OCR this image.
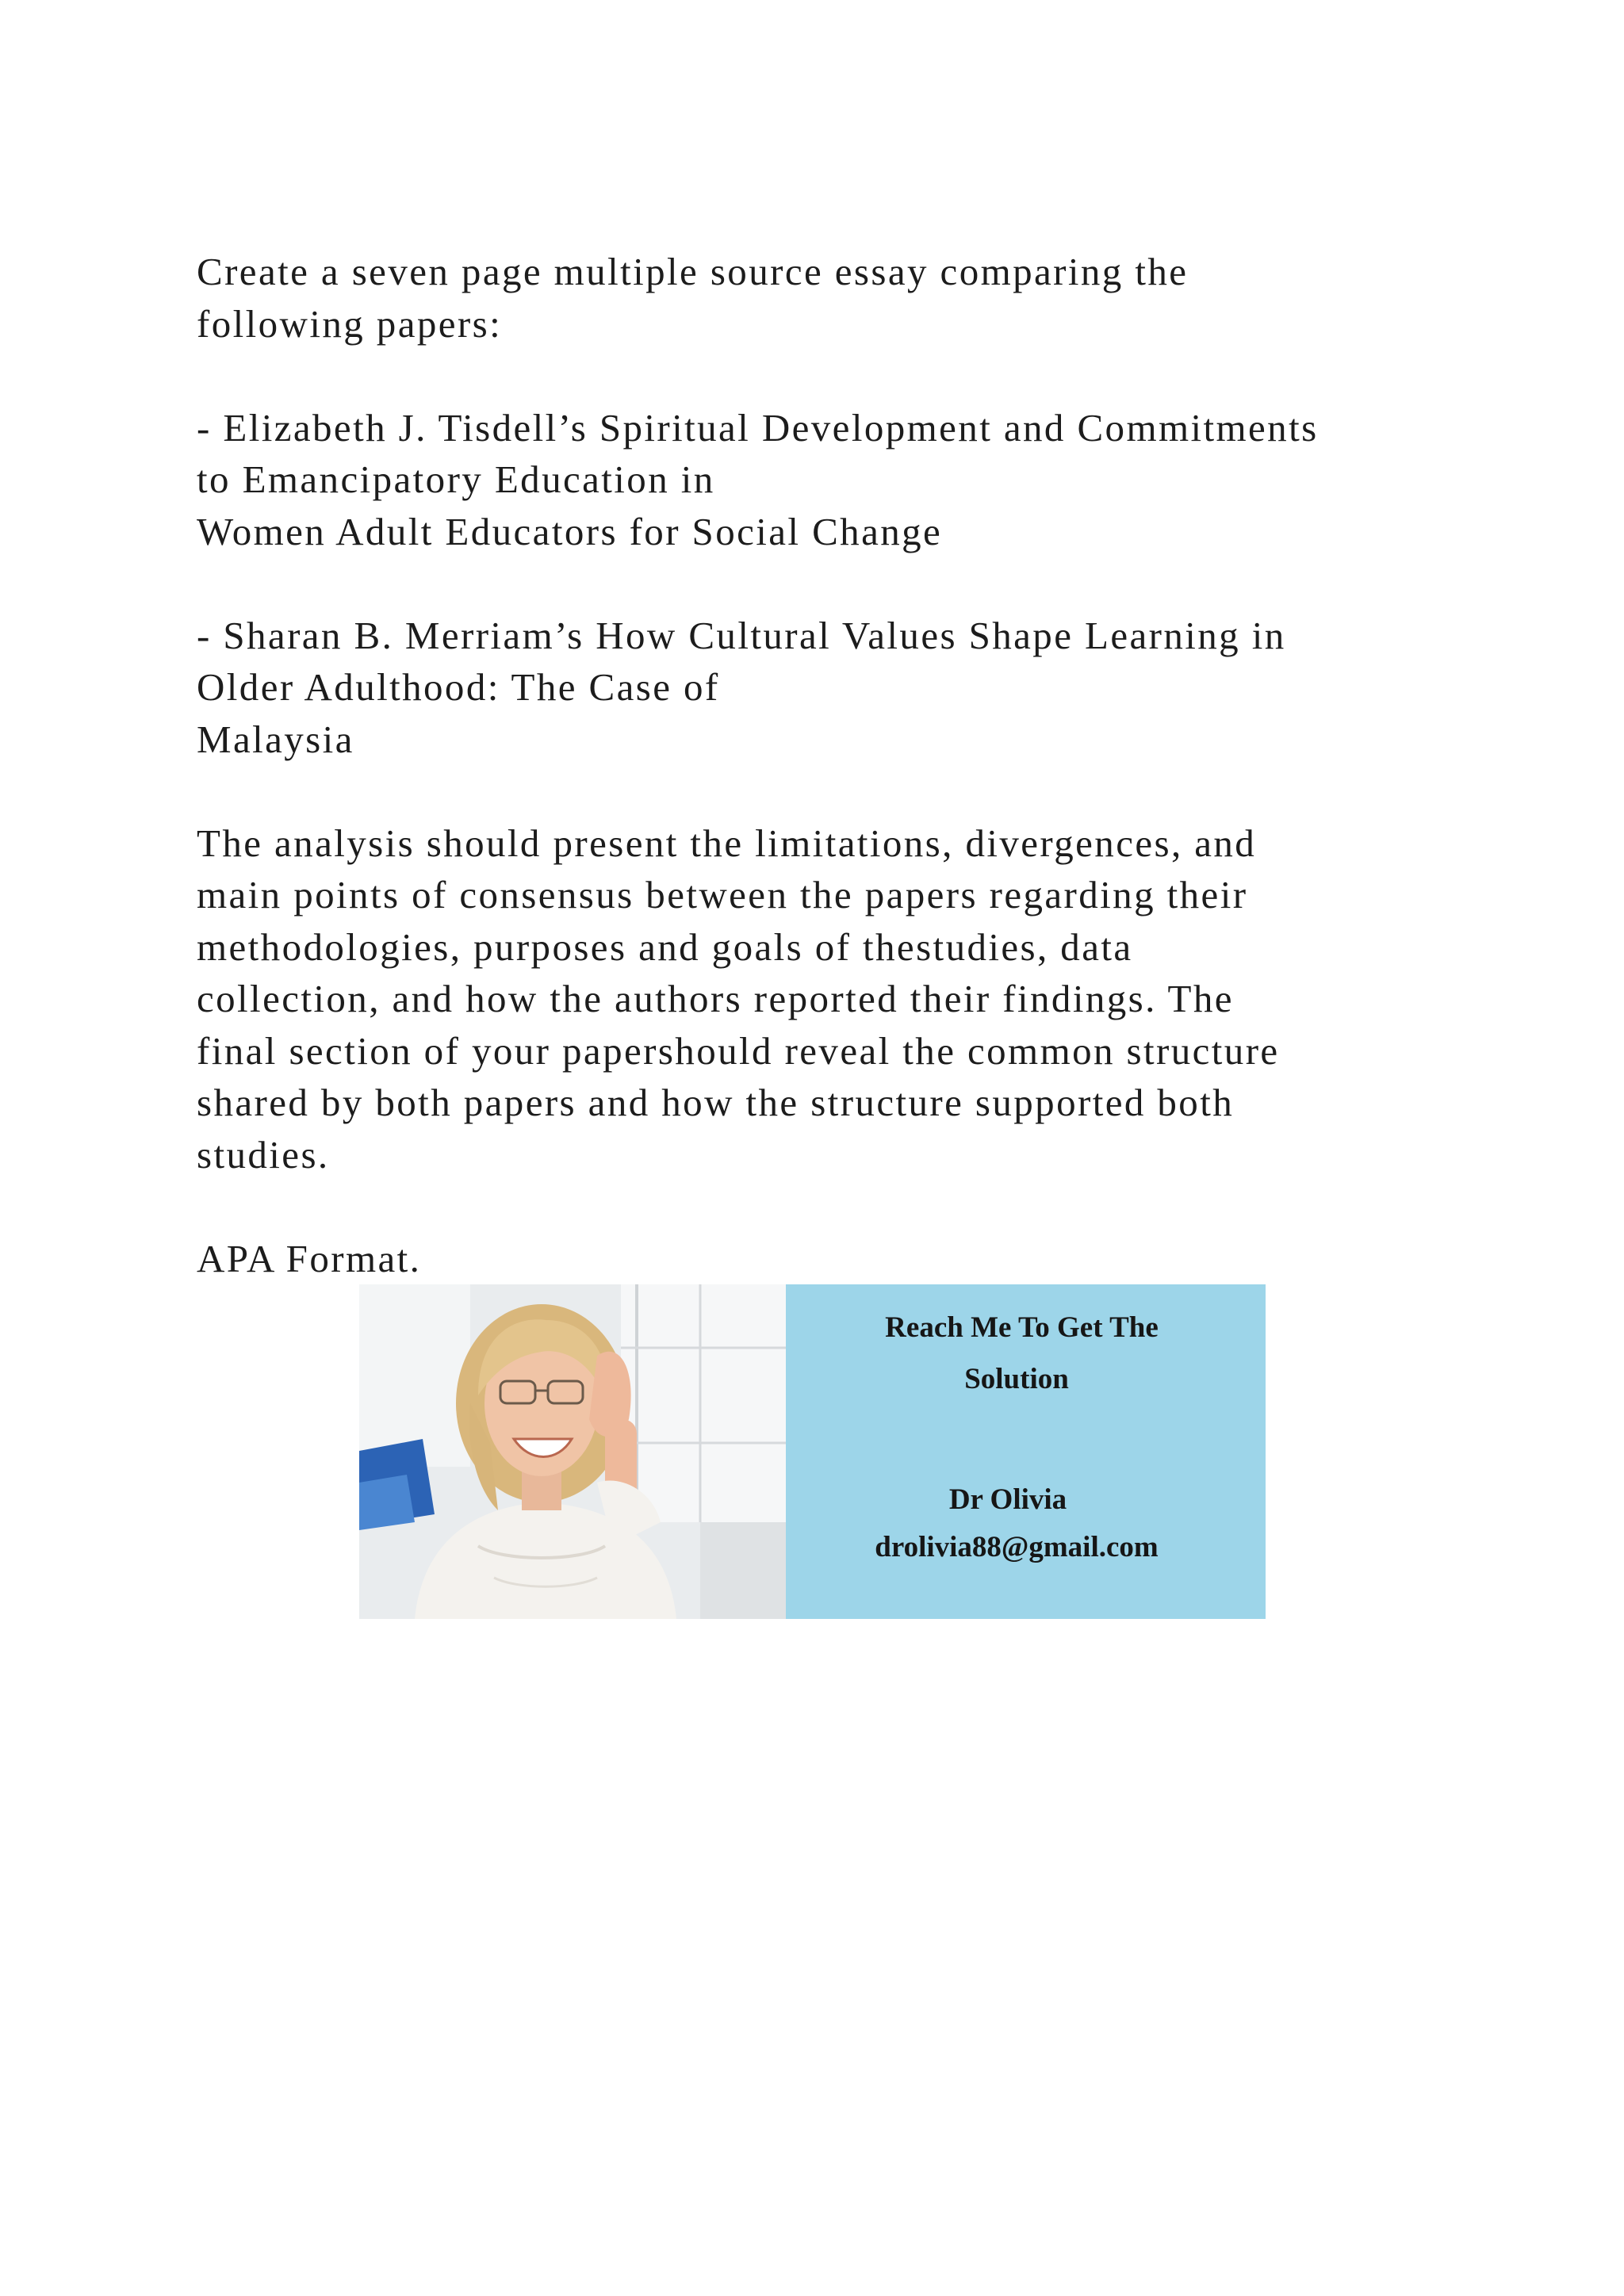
Create a seven page multiple source essay comparing the
following papers:

- Elizabeth J. Tisdell’s Spiritual Development and Commitments
to Emancipatory Education in
Women Adult Educators for Social Change

- Sharan B. Merriam’s How Cultural Values Shape Learning in
Older Adulthood: The Case of
Malaysia

The analysis should present the limitations, divergences, and
main points of consensus between the papers regarding their
methodologies, purposes and goals of thestudies, data
collection, and how the authors reported their findings. The
final section of your papershould reveal the common structure
shared by both papers and how the structure supported both
studies.

APA Format.

Reach Me To Get The
Solution
Dr Olivia
drolivia88@gmail.com
